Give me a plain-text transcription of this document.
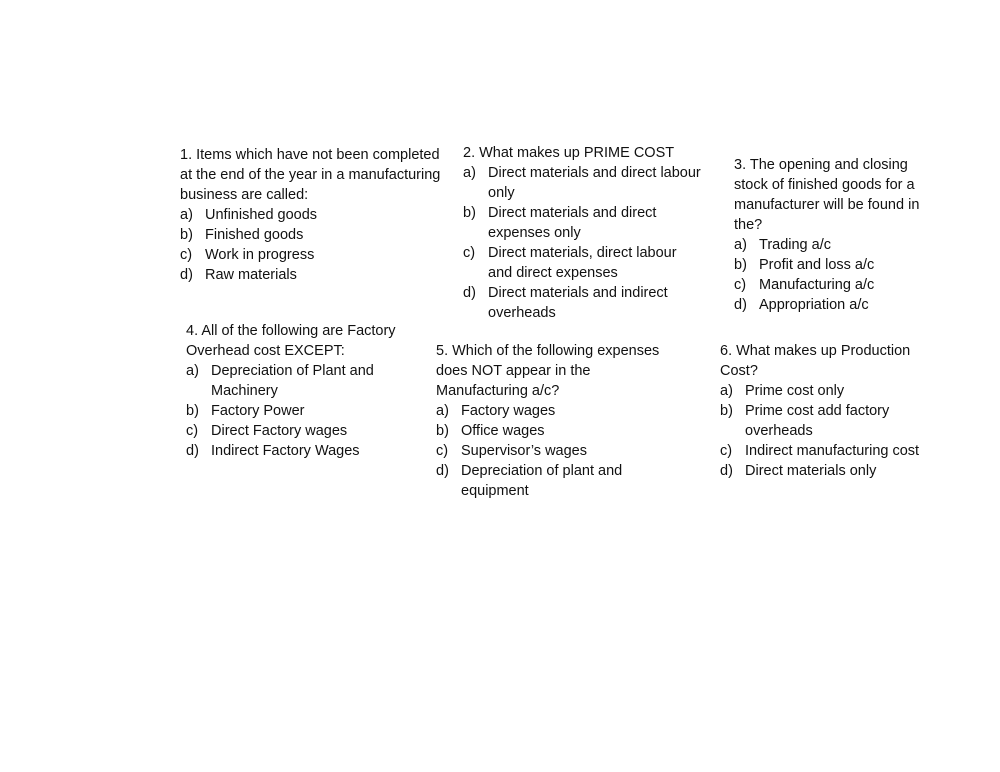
1. Items which have not been completed at the end of the year in a manufacturing business are called:

a) Unfinished goods
b) Finished goods
c) Work in progress
d) Raw materials

2. What makes up PRIME COST

a) Direct materials and direct labour only
b) Direct materials and direct expenses only
c) Direct materials, direct labour and direct expenses
d) Direct materials and indirect overheads

3. The opening and closing stock of finished goods for a manufacturer will be found in the?

a) Trading a/c
b) Profit and loss a/c
c) Manufacturing a/c
d) Appropriation a/c

4. All of the following are Factory Overhead cost EXCEPT:

a) Depreciation of Plant and Machinery
b) Factory Power
c) Direct Factory wages
d) Indirect Factory Wages

5. Which of the following expenses does NOT appear in the Manufacturing a/c?

a) Factory wages
b) Office wages
c) Supervisor’s wages
d) Depreciation of plant and equipment

6. What makes up Production Cost?

a) Prime cost only
b) Prime cost add factory overheads
c) Indirect manufacturing cost
d) Direct materials only
